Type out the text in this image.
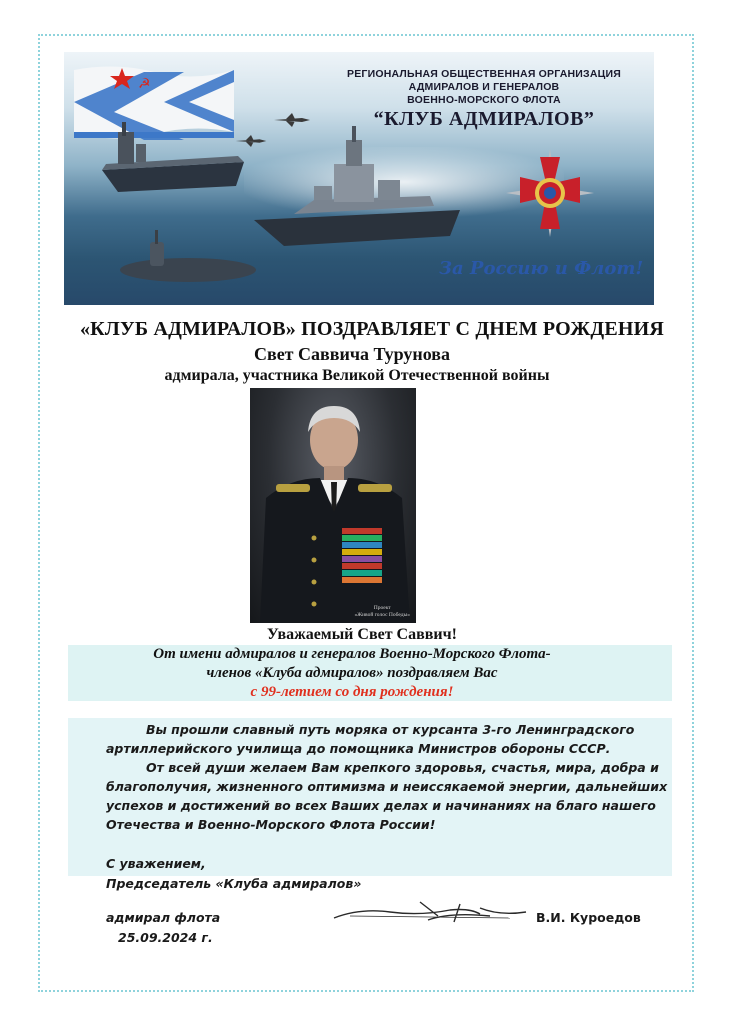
☭
РЕГИОНАЛЬНАЯ ОБЩЕСТВЕННАЯ ОРГАНИЗАЦИЯ
АДМИРАЛОВ И ГЕНЕРАЛОВ
ВОЕННО-МОРСКОГО ФЛОТА
“КЛУБ АДМИРАЛОВ”
За Россию и Флот!
«КЛУБ АДМИРАЛОВ» ПОЗДРАВЛЯЕТ С ДНЕМ РОЖДЕНИЯ
Свет Саввича Турунова
адмирала, участника Великой Отечественной войны
Проект
«Живой голос Победы»
Уважаемый Свет Саввич!
От имени адмиралов и генералов Военно-Морского Флота-
членов «Клуба адмиралов» поздравляем Вас
с 99-летием со дня рождения!
Вы прошли славный путь моряка от курсанта 3-го Ленинградского
артиллерийского училища до помощника Министров обороны СССР.
От всей души желаем Вам крепкого здоровья, счастья, мира, добра и
благополучия, жизненного оптимизма и неиссякаемой энергии, дальнейших
успехов и достижений во всех Ваших делах и начинаниях на благо нашего
Отечества и Военно-Морского Флота России!
С уважением,
Председатель «Клуба адмиралов»
адмирал флота
25.09.2024 г.
В.И. Куроедов
